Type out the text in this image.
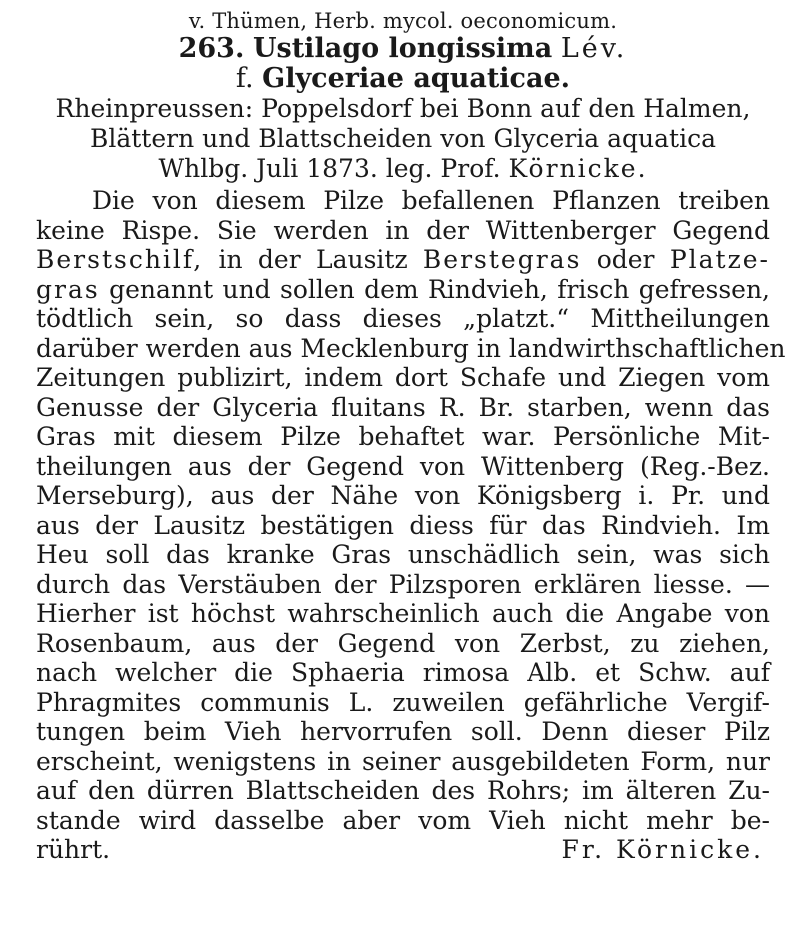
v. Thümen, Herb. mycol. oeconomicum.

263. Ustilago longissima Lév.

f. Glyceriae aquaticae.

Rheinpreussen: Poppelsdorf bei Bonn auf den Halmen,

Blättern und Blattscheiden von Glyceria aquatica

Whlbg. Juli 1873. leg. Prof. Körnicke.

Die von diesem Pilze befallenen Pflanzen treiben
keine Rispe. Sie werden in der Wittenberger Gegend
Berstschilf, in der Lausitz Berstegras oder Platze-
gras genannt und sollen dem Rindvieh, frisch gefressen,
tödtlich sein, so dass dieses „platzt.“ Mittheilungen
darüber werden aus Mecklenburg in landwirthschaftlichen
Zeitungen publizirt, indem dort Schafe und Ziegen vom
Genusse der Glyceria fluitans R. Br. starben, wenn das
Gras mit diesem Pilze behaftet war. Persönliche Mit-
theilungen aus der Gegend von Wittenberg (Reg.-Bez.
Merseburg), aus der Nähe von Königsberg i. Pr. und
aus der Lausitz bestätigen diess für das Rindvieh. Im
Heu soll das kranke Gras unschädlich sein, was sich
durch das Verstäuben der Pilzsporen erklären liesse. —
Hierher ist höchst wahrscheinlich auch die Angabe von
Rosenbaum, aus der Gegend von Zerbst, zu ziehen,
nach welcher die Sphaeria rimosa Alb. et Schw. auf
Phragmites communis L. zuweilen gefährliche Vergif-
tungen beim Vieh hervorrufen soll. Denn dieser Pilz
erscheint, wenigstens in seiner ausgebildeten Form, nur
auf den dürren Blattscheiden des Rohrs; im älteren Zu-
stande wird dasselbe aber vom Vieh nicht mehr be-
rührt.	Fr. Körnicke.
